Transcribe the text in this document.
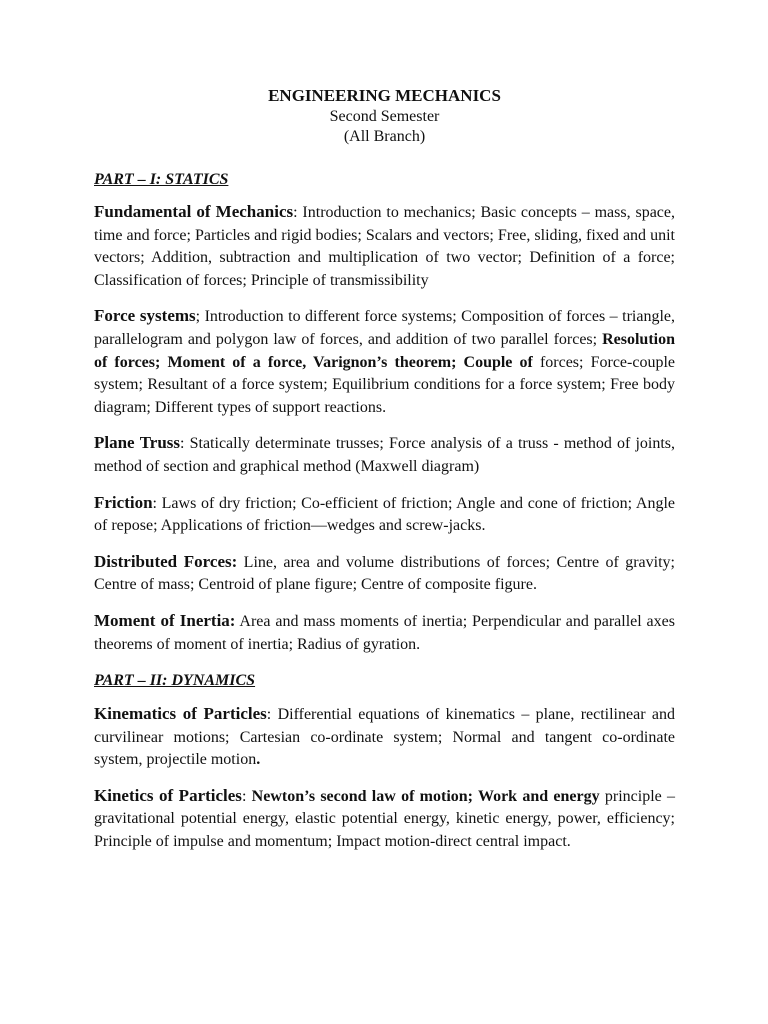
ENGINEERING MECHANICS
Second Semester
(All Branch)
PART – I: STATICS

Fundamental of Mechanics: Introduction to mechanics; Basic concepts – mass, space, time and force; Particles and rigid bodies; Scalars and vectors; Free, sliding, fixed and unit vectors; Addition, subtraction and multiplication of two vector; Definition of a force; Classification of forces; Principle of transmissibility

Force systems; Introduction to different force systems; Composition of forces – triangle, parallelogram and polygon law of forces, and addition of two parallel forces; Resolution of forces; Moment of a force, Varignon’s theorem; Couple of forces; Force-couple system; Resultant of a force system; Equilibrium conditions for a force system; Free body diagram; Different types of support reactions.

Plane Truss: Statically determinate trusses; Force analysis of a truss - method of joints, method of section and graphical method (Maxwell diagram)

Friction: Laws of dry friction; Co-efficient of friction; Angle and cone of friction; Angle of repose; Applications of friction—wedges and screw-jacks.

Distributed Forces: Line, area and volume distributions of forces; Centre of gravity; Centre of mass; Centroid of plane figure; Centre of composite figure.

Moment of Inertia: Area and mass moments of inertia; Perpendicular and parallel axes theorems of moment of inertia; Radius of gyration.

PART – II: DYNAMICS

Kinematics of Particles: Differential equations of kinematics – plane, rectilinear and curvilinear motions; Cartesian co-ordinate system; Normal and tangent co-ordinate system, projectile motion.

Kinetics of Particles: Newton’s second law of motion; Work and energy principle – gravitational potential energy, elastic potential energy, kinetic energy, power, efficiency; Principle of impulse and momentum; Impact motion-direct central impact.
